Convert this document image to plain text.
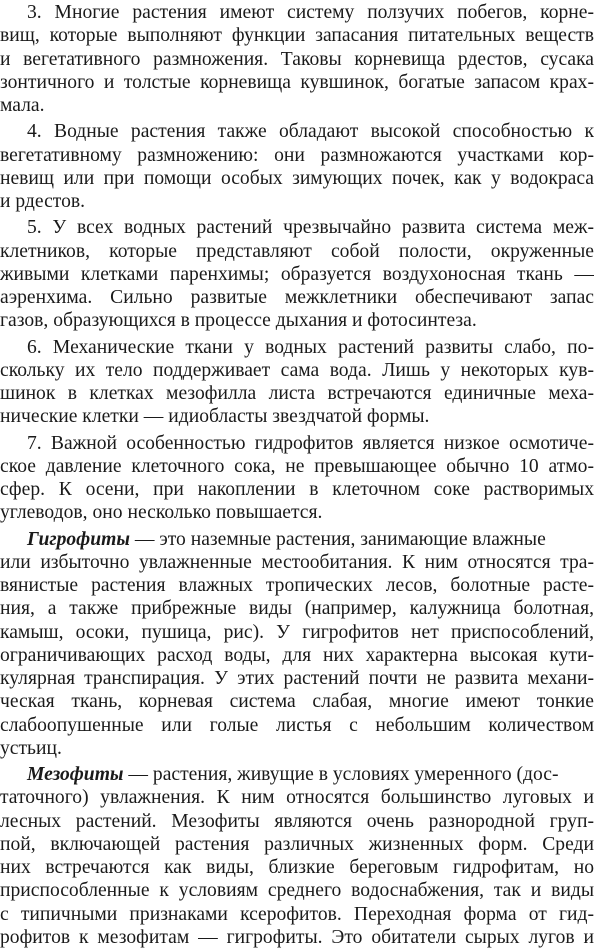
3. Многие растения имеют систему ползучих побегов, корне-
вищ, которые выполняют функции запасания питательных веществ
и вегетативного размножения. Таковы корневища рдестов, сусака
зонтичного и толстые корневища кувшинок, богатые запасом крах-
мала.
4. Водные растения также обладают высокой способностью к
вегетативному размножению: они размножаются участками кор-
невищ или при помощи особых зимующих почек, как у водокраса
и рдестов.
5. У всех водных растений чрезвычайно развита система меж-
клетников, которые представляют собой полости, окруженные
живыми клетками паренхимы; образуется воздухоносная ткань —
аэренхима. Сильно развитые межклетники обеспечивают запас
газов, образующихся в процессе дыхания и фотосинтеза.
6. Механические ткани у водных растений развиты слабо, по-
скольку их тело поддерживает сама вода. Лишь у некоторых кув-
шинок в клетках мезофилла листа встречаются единичные меха-
нические клетки — идиобласты звездчатой формы.
7. Важной особенностью гидрофитов является низкое осмотиче-
ское давление клеточного сока, не превышающее обычно 10 атмо-
сфер. К осени, при накоплении в клеточном соке растворимых
углеводов, оно несколько повышается.
Гигрофиты — это наземные растения, занимающие влажные
или избыточно увлажненные местообитания. К ним относятся тра-
вянистые растения влажных тропических лесов, болотные расте-
ния, а также прибрежные виды (например, калужница болотная,
камыш, осоки, пушица, рис). У гигрофитов нет приспособлений,
ограничивающих расход воды, для них характерна высокая кути-
кулярная транспирация. У этих растений почти не развита механи-
ческая ткань, корневая система слабая, многие имеют тонкие
слабоопушенные или голые листья с небольшим количеством
устьиц.
Мезофиты — растения, живущие в условиях умеренного (дос-
таточного) увлажнения. К ним относятся большинство луговых и
лесных растений. Мезофиты являются очень разнородной груп-
пой, включающей растения различных жизненных форм. Среди
них встречаются как виды, близкие береговым гидрофитам, но
приспособленные к условиям среднего водоснабжения, так и виды
с типичными признаками ксерофитов. Переходная форма от гид-
рофитов к мезофитам — гигрофиты. Это обитатели сырых лугов и
